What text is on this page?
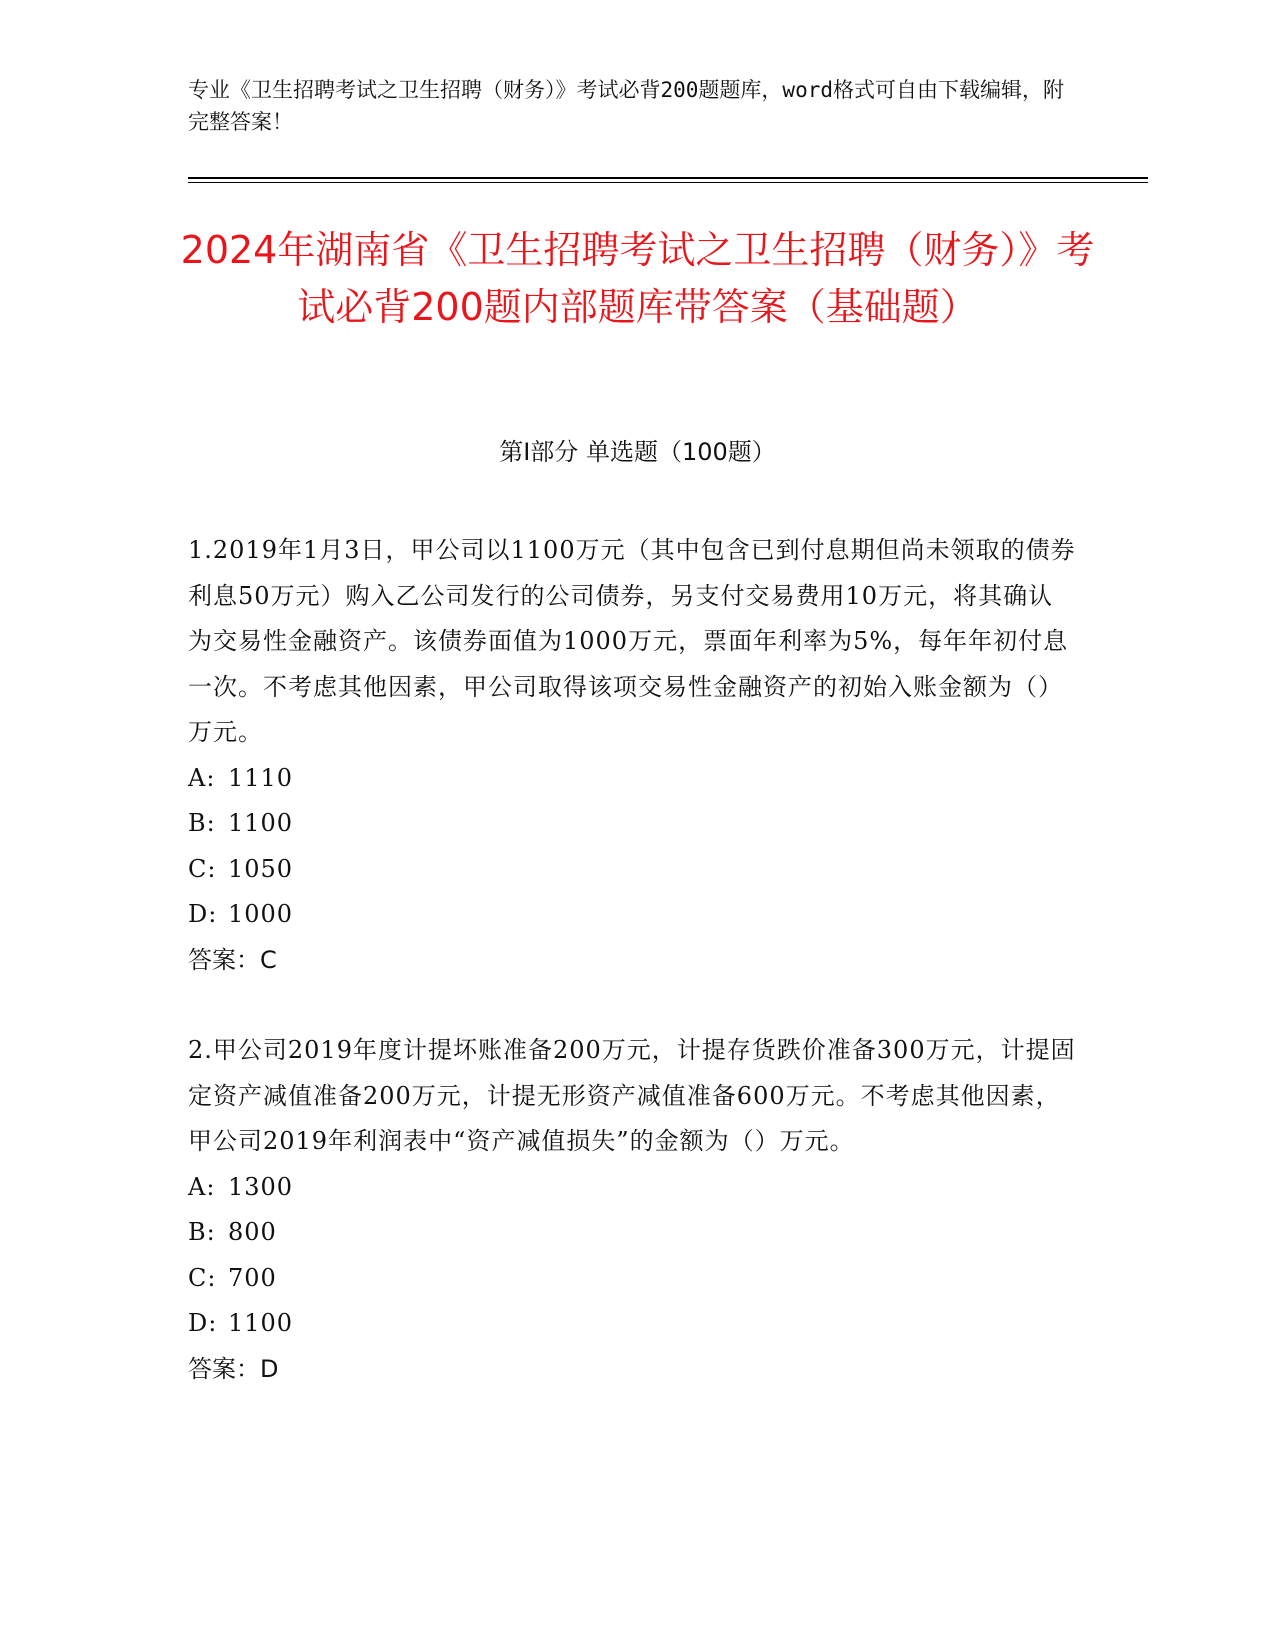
专业《卫生招聘考试之卫生招聘（财务）》考试必背200题题库，word格式可自由下载编辑，附完整答案！
2024年湖南省《卫生招聘考试之卫生招聘（财务）》考试必背200题内部题库带答案（基础题）
第I部分 单选题（100题）

1.2019年1月3日，甲公司以1100万元（其中包含已到付息期但尚未领取的债券利息50万元）购入乙公司发行的公司债券，另支付交易费用10万元，将其确认为交易性金融资产。该债券面值为1000万元，票面年利率为5%，每年年初付息一次。不考虑其他因素，甲公司取得该项交易性金融资产的初始入账金额为（）万元。

A: 1110

B: 1100

C: 1050

D: 1000

答案：C

2.甲公司2019年度计提坏账准备200万元，计提存货跌价准备300万元，计提固定资产减值准备200万元，计提无形资产减值准备600万元。不考虑其他因素，甲公司2019年利润表中“资产减值损失”的金额为（）万元。

A: 1300

B: 800

C: 700

D: 1100

答案：D
